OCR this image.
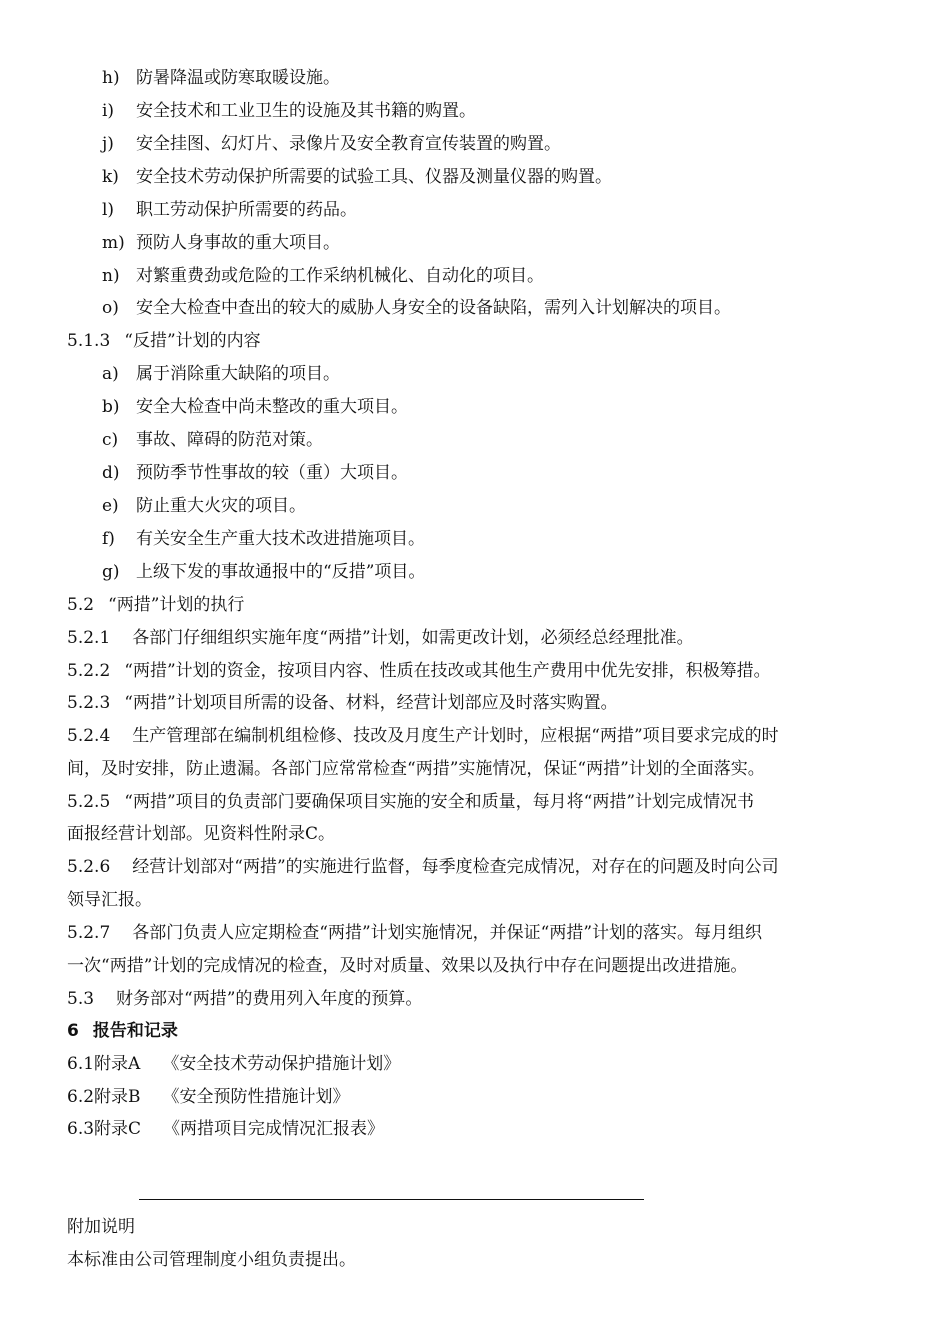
h) 防暑降温或防寒取暖设施。
i) 安全技术和工业卫生的设施及其书籍的购置。
j) 安全挂图、幻灯片、录像片及安全教育宣传装置的购置。
k) 安全技术劳动保护所需要的试验工具、仪器及测量仪器的购置。
l) 职工劳动保护所需要的药品。
m) 预防人身事故的重大项目。
n) 对繁重费劲或危险的工作采纳机械化、自动化的项目。
o) 安全大检查中查出的较大的威胁人身安全的设备缺陷，需列入计划解决的项目。
5.1.3 “反措”计划的内容
a) 属于消除重大缺陷的项目。
b) 安全大检查中尚未整改的重大项目。
c) 事故、障碍的防范对策。
d) 预防季节性事故的较（重）大项目。
e) 防止重大火灾的项目。
f) 有关安全生产重大技术改进措施项目。
g) 上级下发的事故通报中的“反措”项目。
5.2 “两措”计划的执行
5.2.1 各部门仔细组织实施年度“两措”计划，如需更改计划，必须经总经理批准。
5.2.2 “两措”计划的资金，按项目内容、性质在技改或其他生产费用中优先安排，积极筹措。
5.2.3 “两措”计划项目所需的设备、材料，经营计划部应及时落实购置。
5.2.4 生产管理部在编制机组检修、技改及月度生产计划时，应根据“两措”项目要求完成的时
间，及时安排，防止遗漏。各部门应常常检查“两措”实施情况，保证“两措”计划的全面落实。
5.2.5 “两措”项目的负责部门要确保项目实施的安全和质量，每月将“两措”计划完成情况书
面报经营计划部。见资料性附录C。
5.2.6 经营计划部对“两措”的实施进行监督，每季度检查完成情况，对存在的问题及时向公司
领导汇报。
5.2.7 各部门负责人应定期检查“两措”计划实施情况，并保证“两措”计划的落实。每月组织
一次“两措”计划的完成情况的检查，及时对质量、效果以及执行中存在问题提出改进措施。
5.3 财务部对“两措”的费用列入年度的预算。
6 报告和记录
6.1附录A 《安全技术劳动保护措施计划》
6.2附录B 《安全预防性措施计划》
6.3附录C 《两措项目完成情况汇报表》
附加说明
本标准由公司管理制度小组负责提出。
